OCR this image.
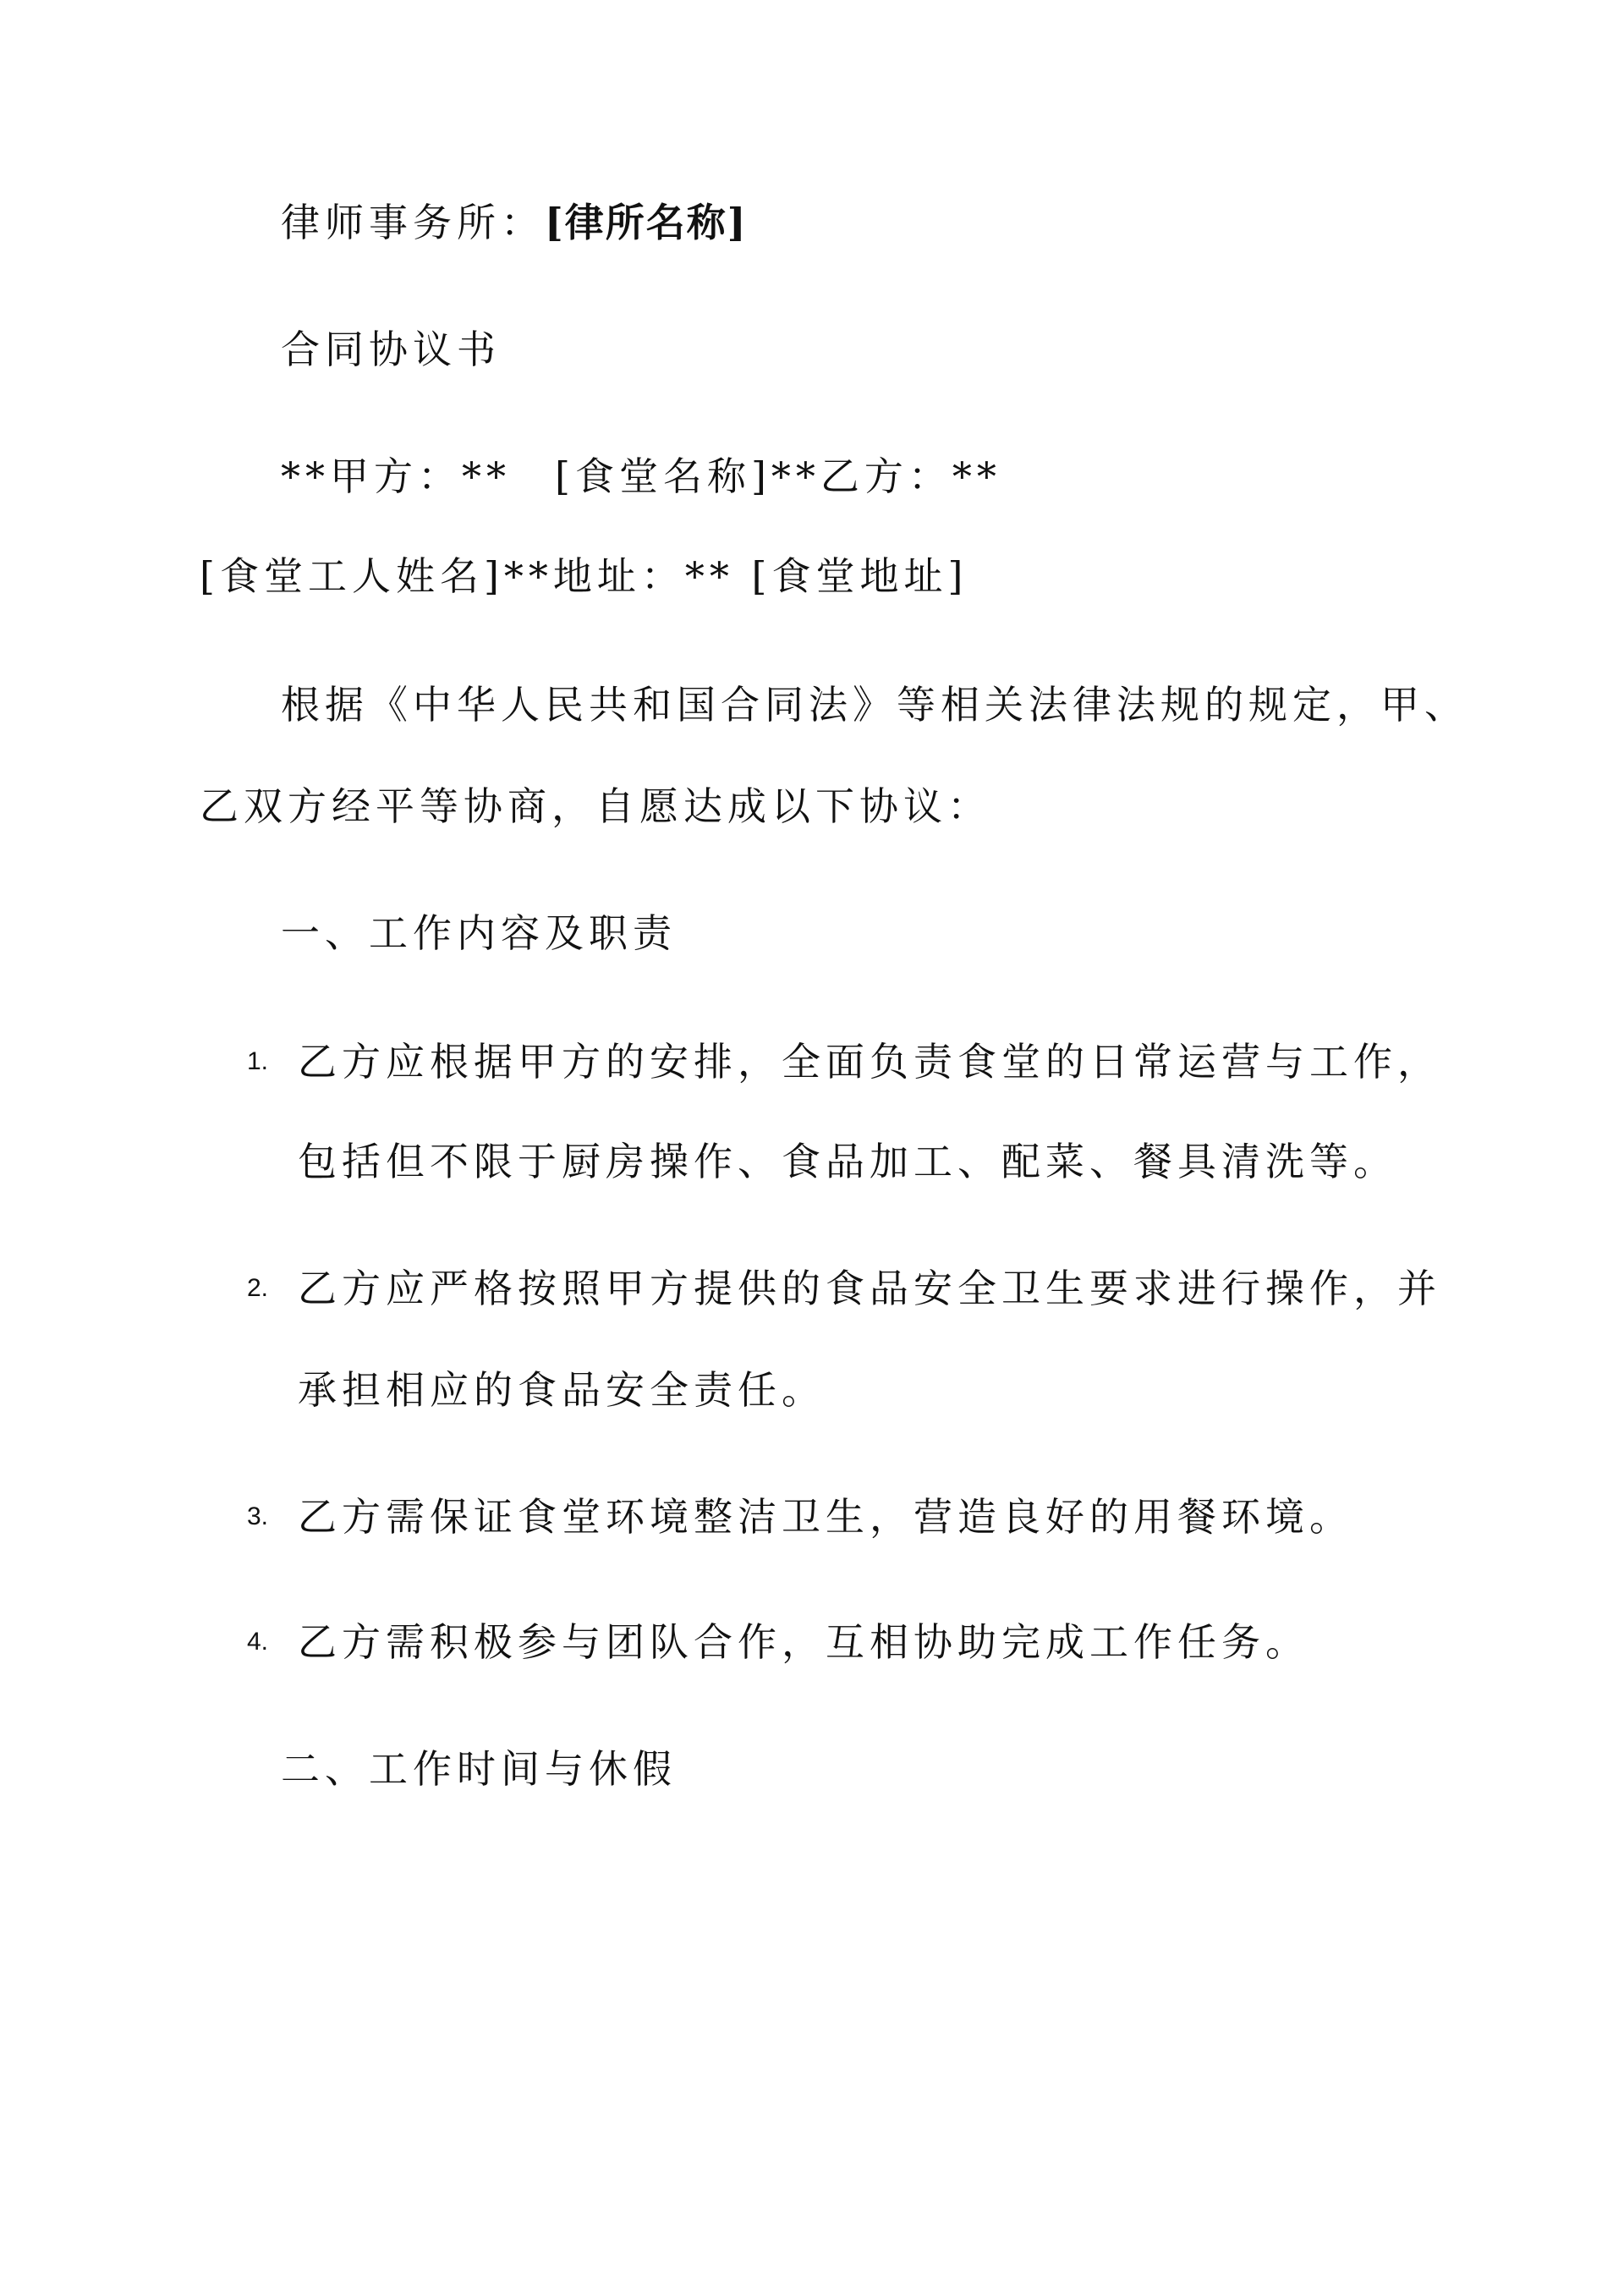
律师事务所：[律所名称]
合同协议书
**甲方：**　[食堂名称]**乙方：**
[食堂工人姓名]**地址：** [食堂地址]
根据《中华人民共和国合同法》等相关法律法规的规定，甲、
乙双方经平等协商，自愿达成以下协议：
一、工作内容及职责
1. 乙方应根据甲方的安排，全面负责食堂的日常运营与工作，
包括但不限于厨房操作、食品加工、配菜、餐具清洗等。
2. 乙方应严格按照甲方提供的食品安全卫生要求进行操作，并
承担相应的食品安全责任。
3. 乙方需保证食堂环境整洁卫生，营造良好的用餐环境。
4. 乙方需积极参与团队合作，互相协助完成工作任务。
二、工作时间与休假
